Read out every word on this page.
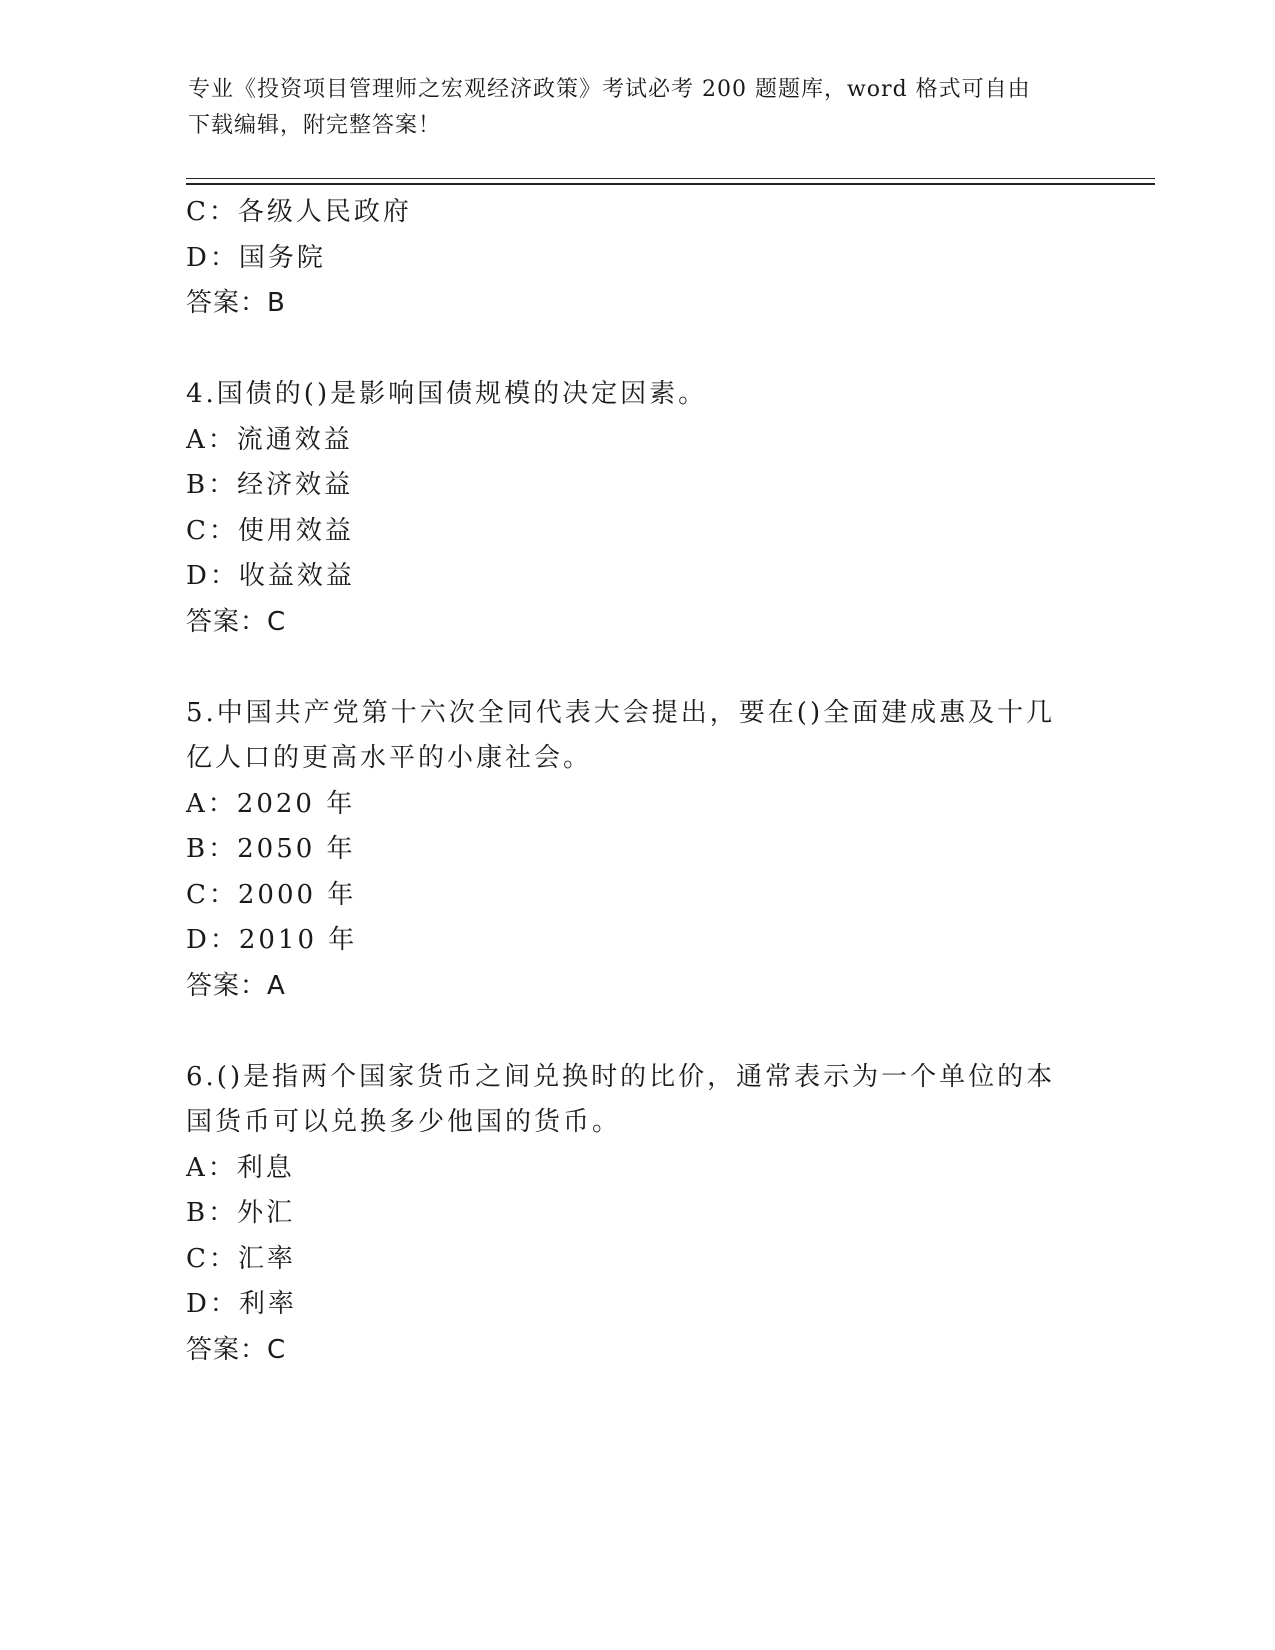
专业《投资项目管理师之宏观经济政策》考试必考 200 题题库，word 格式可自由
下载编辑，附完整答案！
C：各级人民政府
D：国务院
答案：B
4.国债的()是影响国债规模的决定因素。
A：流通效益
B：经济效益
C：使用效益
D：收益效益
答案：C
5.中国共产党第十六次全同代表大会提出，要在()全面建成惠及十几
亿人口的更高水平的小康社会。
A：2020 年
B：2050 年
C：2000 年
D：2010 年
答案：A
6.()是指两个国家货币之间兑换时的比价，通常表示为一个单位的本
国货币可以兑换多少他国的货币。
A：利息
B：外汇
C：汇率
D：利率
答案：C
